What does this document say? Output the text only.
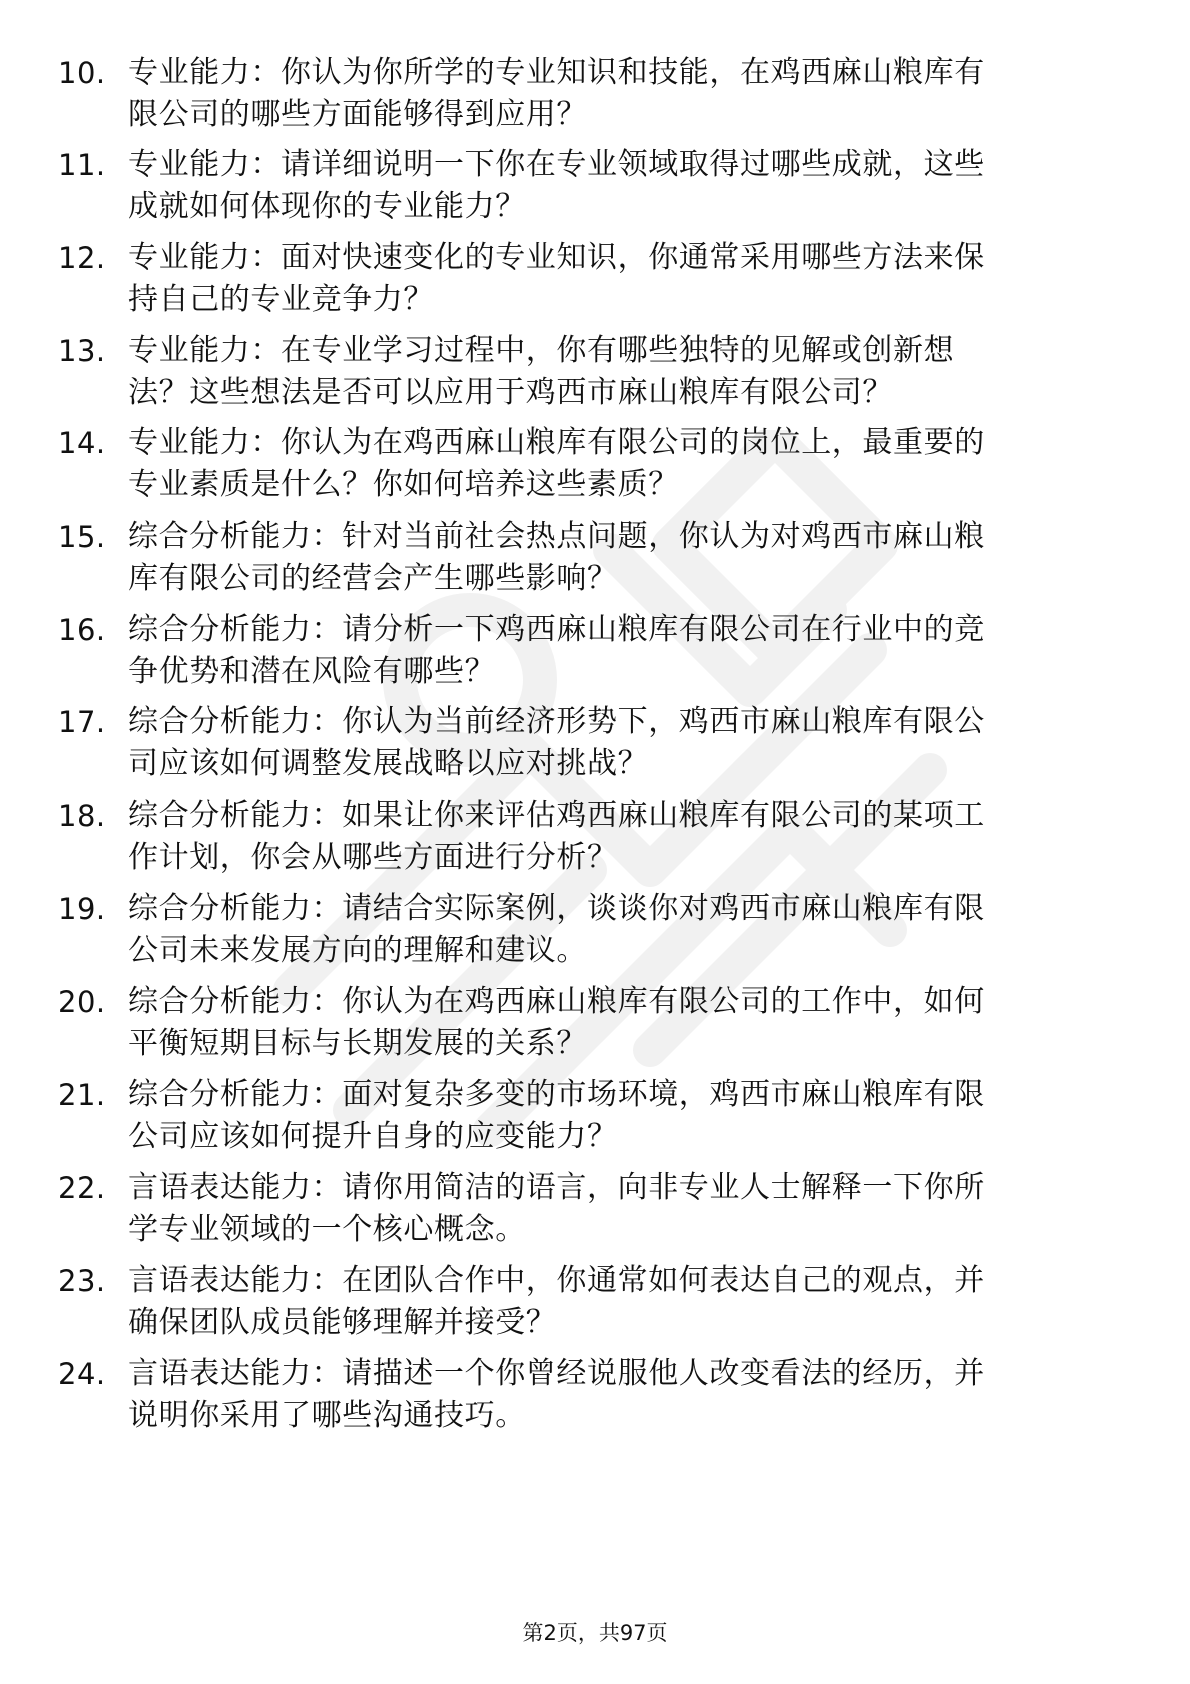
10. 专业能力：你认为你所学的专业知识和技能，在鸡西麻山粮库有
限公司的哪些方面能够得到应用？
11. 专业能力：请详细说明一下你在专业领域取得过哪些成就，这些
成就如何体现你的专业能力？
12. 专业能力：面对快速变化的专业知识，你通常采用哪些方法来保
持自己的专业竞争力？
13. 专业能力：在专业学习过程中，你有哪些独特的见解或创新想
法？这些想法是否可以应用于鸡西市麻山粮库有限公司？
14. 专业能力：你认为在鸡西麻山粮库有限公司的岗位上，最重要的
专业素质是什么？你如何培养这些素质？
15. 综合分析能力：针对当前社会热点问题，你认为对鸡西市麻山粮
库有限公司的经营会产生哪些影响？
16. 综合分析能力：请分析一下鸡西麻山粮库有限公司在行业中的竞
争优势和潜在风险有哪些？
17. 综合分析能力：你认为当前经济形势下，鸡西市麻山粮库有限公
司应该如何调整发展战略以应对挑战？
18. 综合分析能力：如果让你来评估鸡西麻山粮库有限公司的某项工
作计划，你会从哪些方面进行分析？
19. 综合分析能力：请结合实际案例，谈谈你对鸡西市麻山粮库有限
公司未来发展方向的理解和建议。
20. 综合分析能力：你认为在鸡西麻山粮库有限公司的工作中，如何
平衡短期目标与长期发展的关系？
21. 综合分析能力：面对复杂多变的市场环境，鸡西市麻山粮库有限
公司应该如何提升自身的应变能力？
22. 言语表达能力：请你用简洁的语言，向非专业人士解释一下你所
学专业领域的一个核心概念。
23. 言语表达能力：在团队合作中，你通常如何表达自己的观点，并
确保团队成员能够理解并接受？
24. 言语表达能力：请描述一个你曾经说服他人改变看法的经历，并
说明你采用了哪些沟通技巧。
第2页，共97页
